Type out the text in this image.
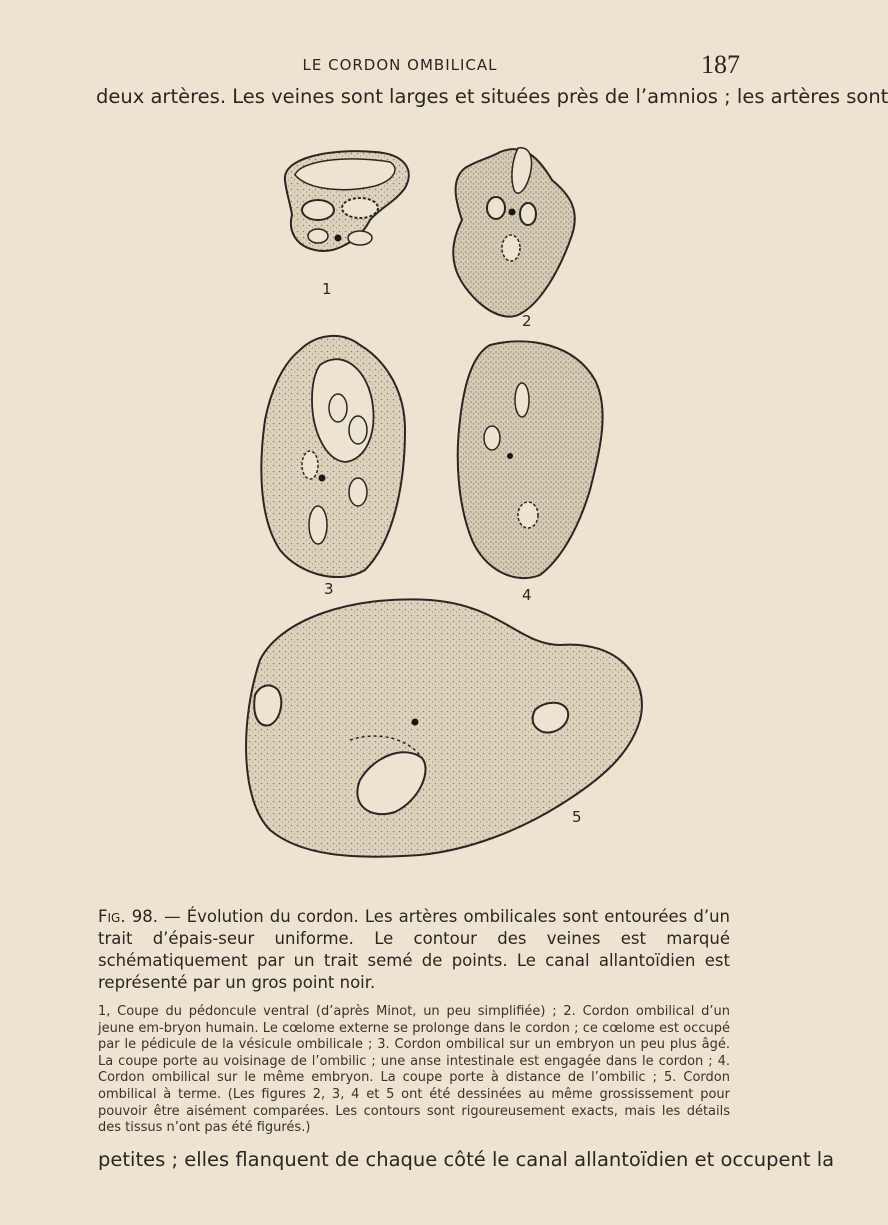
LE CORDON OMBILICAL	187
deux artères. Les veines sont larges et situées près de l’amnios ; les artères sont
1
2
3	4
5
Fig. 98. — Évolution du cordon. Les artères ombilicales sont entourées d’un trait d’épais-seur uniforme. Le contour des veines est marqué schématiquement par un trait semé de points. Le canal allantoïdien est représenté par un gros point noir.
1, Coupe du pédoncule ventral (d’après Minot, un peu simplifiée) ; 2. Cordon ombilical d’un jeune em-bryon humain. Le cœlome externe se prolonge dans le cordon ; ce cœlome est occupé par le pédicule de la vésicule ombilicale ; 3. Cordon ombilical sur un embryon un peu plus âgé. La coupe porte au voisinage de l’ombilic ; une anse intestinale est engagée dans le cordon ; 4. Cordon ombilical sur le même embryon. La coupe porte à distance de l’ombilic ; 5. Cordon ombilical à terme. (Les figures 2, 3, 4 et 5 ont été dessinées au même grossissement pour pouvoir être aisément comparées. Les contours sont rigoureusement exacts, mais les détails des tissus n’ont pas été figurés.)
petites ; elles flanquent de chaque côté le canal allantoïdien et occupent la
